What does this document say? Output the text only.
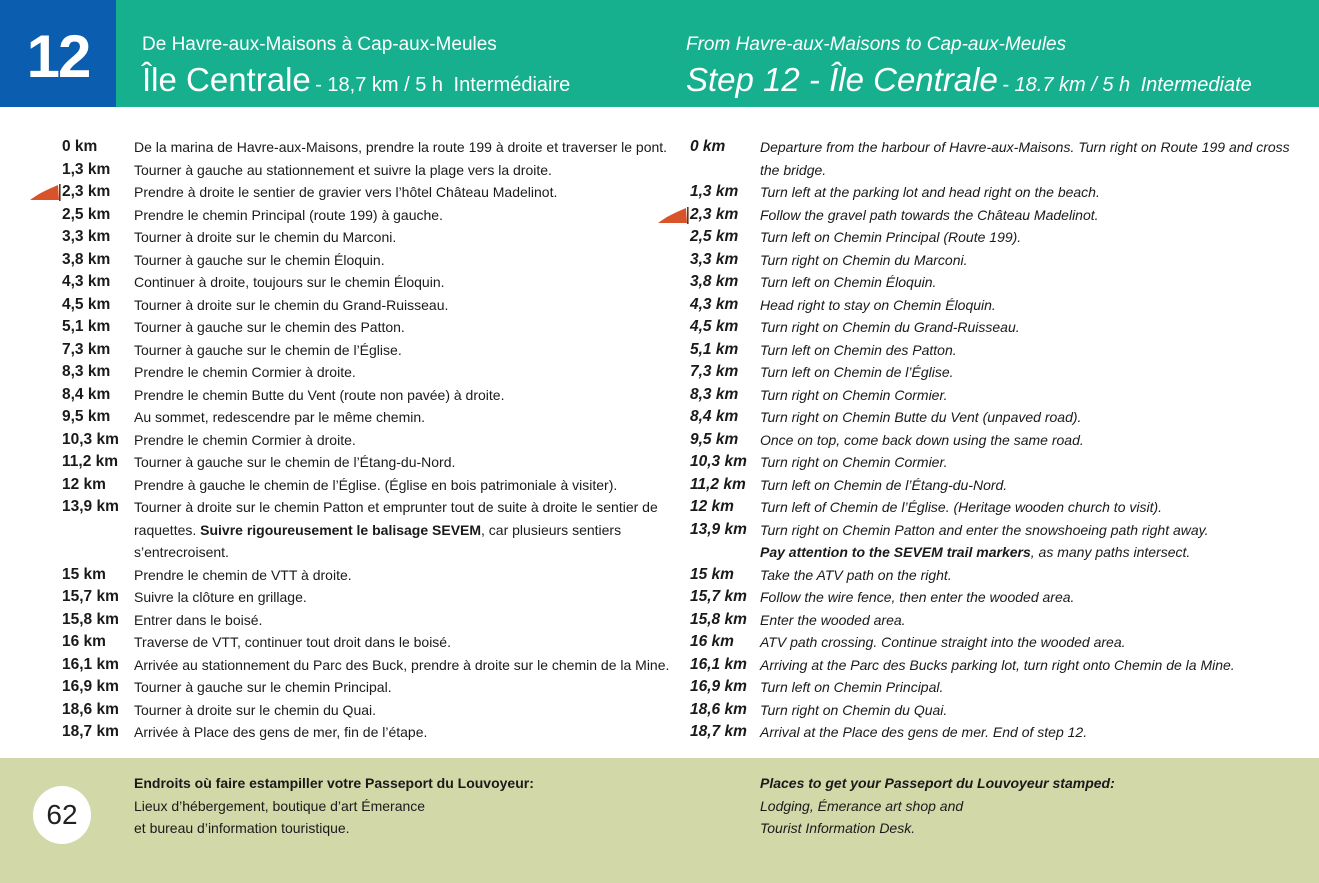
12	De Havre-aux-Maisons à Cap-aux-Meules
Île Centrale - 18,7 km / 5 h Intermédiaire
From Havre-aux-Maisons to Cap-aux-Meules
Step 12 - Île Centrale - 18.7 km / 5 h Intermediate
0 km	De la marina de Havre-aux-Maisons, prendre la route 199 à droite et traverser le pont.
1,3 km	Tourner à gauche au stationnement et suivre la plage vers la droite.
2,3 km	Prendre à droite le sentier de gravier vers l’hôtel Château Madelinot.
2,5 km	Prendre le chemin Principal (route 199) à gauche.
3,3 km	Tourner à droite sur le chemin du Marconi.
3,8 km	Tourner à gauche sur le chemin Éloquin.
4,3 km	Continuer à droite, toujours sur le chemin Éloquin.
4,5 km	Tourner à droite sur le chemin du Grand-Ruisseau.
5,1 km	Tourner à gauche sur le chemin des Patton.
7,3 km	Tourner à gauche sur le chemin de l’Église.
8,3 km	Prendre le chemin Cormier à droite.
8,4 km	Prendre le chemin Butte du Vent (route non pavée) à droite.
9,5 km	Au sommet, redescendre par le même chemin.
10,3 km	Prendre le chemin Cormier à droite.
11,2 km	Tourner à gauche sur le chemin de l’Étang-du-Nord.
12 km	Prendre à gauche le chemin de l’Église. (Église en bois patrimoniale à visiter).
13,9 km	Tourner à droite sur le chemin Patton et emprunter tout de suite à droite le sentier de raquettes. Suivre rigoureusement le balisage SEVEM, car plusieurs sentiers s’entrecroisent.
15 km	Prendre le chemin de VTT à droite.
15,7 km	Suivre la clôture en grillage.
15,8 km	Entrer dans le boisé.
16 km	Traverse de VTT, continuer tout droit dans le boisé.
16,1 km	Arrivée au stationnement du Parc des Buck, prendre à droite sur le chemin de la Mine.
16,9 km	Tourner à gauche sur le chemin Principal.
18,6 km	Tourner à droite sur le chemin du Quai.
18,7 km	Arrivée à Place des gens de mer, fin de l’étape.
0 km	Departure from the harbour of Havre-aux-Maisons. Turn right on Route 199 and cross the bridge.
1,3 km	Turn left at the parking lot and head right on the beach.
2,3 km	Follow the gravel path towards the Château Madelinot.
2,5 km	Turn left on Chemin Principal (Route 199).
3,3 km	Turn right on Chemin du Marconi.
3,8 km	Turn left on Chemin Éloquin.
4,3 km	Head right to stay on Chemin Éloquin.
4,5 km	Turn right on Chemin du Grand-Ruisseau.
5,1 km	Turn left on Chemin des Patton.
7,3 km	Turn left on Chemin de l’Église.
8,3 km	Turn right on Chemin Cormier.
8,4 km	Turn right on Chemin Butte du Vent (unpaved road).
9,5 km	Once on top, come back down using the same road.
10,3 km Turn right on Chemin Cormier.
11,2 km	Turn left on Chemin de l’Étang-du-Nord.
12 km	Turn left of Chemin de l’Église. (Heritage wooden church to visit).
13,9 km Turn right on Chemin Patton and enter the snowshoeing path right away.
Pay attention to the SEVEM trail markers, as many paths intersect.
15 km	Take the ATV path on the right.
15,7 km Follow the wire fence, then enter the wooded area.
15,8 km Enter the wooded area.
16 km	ATV path crossing. Continue straight into the wooded area.
16,1 km Arriving at the Parc des Bucks parking lot, turn right onto Chemin de la Mine.
16,9 km Turn left on Chemin Principal.
18,6 km Turn right on Chemin du Quai.
18,7 km Arrival at the Place des gens de mer. End of step 12.
62
Endroits où faire estampiller votre Passeport du Louvoyeur:
Lieux d’hébergement, boutique d’art Émerance
et bureau d’information touristique.
Places to get your Passeport du Louvoyeur stamped:
Lodging, Émerance art shop and
Tourist Information Desk.
